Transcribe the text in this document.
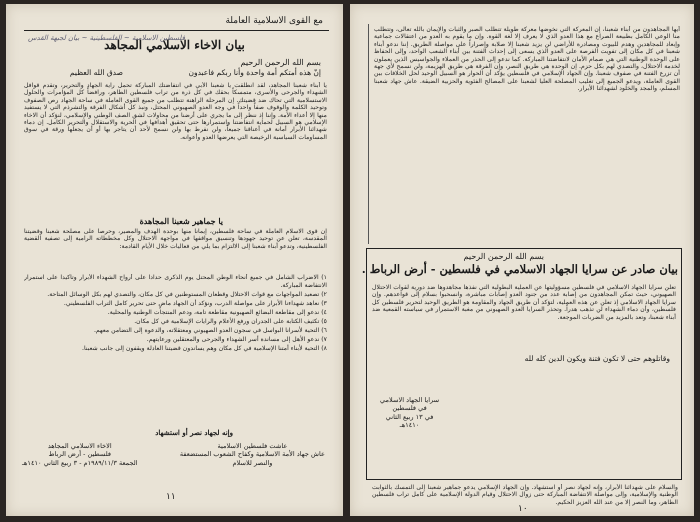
مع القوى الاسلامية العاملة
فلسطين الاسلامية ~ الفلسطينية ~ بيان لجبهة القدس
بيان الاخاء الاسلامي المجاهد
بسم الله الرحمن الرحيم
إنّ هذه أمتكم أمة واحدة وأنا ربكم فاعبدون
صدق الله العظيم
يا أبناء شعبنا المجاهد، لقد انطلقت يا شعبنا الأبي في انتفاضتك المباركة تحمل راية الجهاد والتحرير، وتقدم قوافل الشهداء والجرحى والأسرى، متمسكاً بحقك في كل ذرة من تراب فلسطين الطاهر، ورافضاً كل المؤامرات والحلول الاستسلامية التي تحاك ضد قضيتك. إن المرحلة الراهنة تتطلب من جميع القوى العاملة في ساحة الجهاد رص الصفوف وتوحيد الكلمة والوقوف صفاً واحداً في وجه العدو الصهيوني المحتل، ونبذ كل أشكال الفرقة والتشرذم التي لا يستفيد منها إلا أعداء الأمة. وإننا إذ ننظر إلى ما يجري على أرضنا من محاولات لشق الصف الوطني والإسلامي، لنؤكد أن الاخاء الإسلامي هو السبيل لحماية انتفاضتنا واستمرارها حتى تحقيق أهدافها في الحرية والاستقلال والتحرير الكامل. إن دماء شهدائنا الأبرار أمانة في أعناقنا جميعاً، ولن نفرط بها ولن نسمح لأحد أن يتاجر بها أو أن يجعلها ورقة في سوق المساومات السياسية الرخيصة التي يعرضها العدو وأعوانه.
يا جماهير شعبنا المجاهدة
إن قوى الاسلام العاملة في ساحة فلسطين، إيماناً منها بوحدة الهدف والمصير، وحرصاً على مصلحة شعبنا وقضيتنا المقدسة، تعلن عن توحيد جهودها وتنسيق مواقفها في مواجهة الاحتلال وكل مخططاته الرامية إلى تصفية القضية الفلسطينية، وتدعو أبناء شعبنا إلى الالتزام بما يلي من فعاليات خلال الأيام القادمة:
١) الاضراب الشامل في جميع أنحاء الوطن المحتل يوم الذكرى حداداً على أرواح الشهداء الأبرار وتأكيداً على استمرار الانتفاضة المباركة.
٢) تصعيد المواجهات مع قوات الاحتلال وقطعان المستوطنين في كل مكان، والتصدي لهم بكل الوسائل المتاحة.
٣) نعاهد شهداءنا الأبرار على مواصلة الدرب، ونؤكد أن الجهاد ماضٍ حتى تحرير كامل التراب الفلسطيني.
٤) ندعو إلى مقاطعة البضائع الصهيونية مقاطعة تامة، ودعم المنتجات الوطنية والمحلية.
٥) تكثيف الكتابة على الجدران ورفع الأعلام والرايات الإسلامية في كل مكان.
٦) التحية لأسرانا البواسل في سجون العدو الصهيوني ومعتقلاته، والدعوة إلى التضامن معهم.
٧) ندعو الأهل إلى مساندة أسر الشهداء والجرحى والمعتقلين ورعايتهم.
٨) التحية لأبناء أمتنا الإسلامية في كل مكان وهم يساندون قضيتنا العادلة ويقفون إلى جانب شعبنا.
وإنه لجهاد نصر أو استشهاد
عاشت فلسطين الاسلامية
عاش جهاد الأمة الاسلامية وكفاح الشعوب المستضعفة
والنصر للاسلام
الاخاء الاسلامي المجاهد
فلسطين - أرض الرباط
الجمعة ١٩٨٩/١١/٣م - ٣ ربيع الثاني ١٤١٠هـ
١١
أيها المجاهدون من أبناء شعبنا، إن المعركة التي نخوضها معركة طويلة تتطلب الصبر والثبات والإيمان بالله تعالى، وتتطلب منا الوعي الكامل بطبيعة الصراع مع هذا العدو الذي لا يعرف إلا لغة القوة. وإن ما يقوم به العدو من اعتقالات جماعية وإبعاد للمجاهدين وهدم للبيوت ومصادرة للأراضي لن يزيد شعبنا إلا صلابة وإصراراً على مواصلة الطريق. إننا ندعو أبناء شعبنا في كل مكان إلى تفويت الفرصة على العدو الذي يسعى إلى إحداث الفتنة بين أبناء الشعب الواحد، وإلى الحفاظ على الوحدة الوطنية التي هي صمام الأمان لانتفاضتنا المباركة. كما ندعو إلى الحذر من العملاء والجواسيس الذين يعملون لخدمة الاحتلال، والتصدي لهم بكل حزم. إن الوحدة هي طريق النصر، وإن الفرقة هي طريق الهزيمة، ولن نسمح لأي جهة أن تزرع الفتنة في صفوف شعبنا. وإن الجهاد الإسلامي في فلسطين يؤكد أن الحوار هو السبيل الوحيد لحل الخلافات بين القوى العاملة، ويدعو الجميع إلى تغليب المصلحة العليا لشعبنا على المصالح الفئوية والحزبية الضيقة. عاش جهاد شعبنا المسلم، والمجد والخلود لشهدائنا الأبرار.
بسم الله الرحمن الرحيم
بيان صادر عن سرايا الجهاد الاسلامي في فلسطين - أرض الرباط .
تعلن سرايا الجهاد الاسلامي في فلسطين مسؤوليتها عن العملية البطولية التي نفذها مجاهدوها ضد دورية لقوات الاحتلال الصهيوني، حيث تمكن المجاهدون من إصابة عدد من جنود العدو إصابات مباشرة، وانسحبوا بسلام إلى قواعدهم. وإن سرايا الجهاد الاسلامي إذ تعلن عن هذه العملية، لتؤكد أن طريق الجهاد والمقاومة هو الطريق الوحيد لتحرير فلسطين كل فلسطين، وأن دماء الشهداء لن تذهب هدراً. وتحذر السرايا العدو الصهيوني من مغبة الاستمرار في سياسته القمعية ضد أبناء شعبنا، وتعد بالمزيد من الضربات الموجعة.
وقاتلوهم حتى لا تكون فتنة ويكون الدين كله لله
سرايا الجهاد الاسلامي
في فلسطين
في ١٣ ربيع الثاني
١٤١٠هـ
والسلام على شهدائنا الأبرار، وإنه لجهاد نصر أو استشهاد. وإن الجهاد الإسلامي يدعو جماهير شعبنا إلى التمسك بالثوابت الوطنية والإسلامية، وإلى مواصلة الانتفاضة المباركة حتى زوال الاحتلال وقيام الدولة الإسلامية على كامل تراب فلسطين الطاهر، وما النصر إلا من عند الله العزيز الحكيم.
١٠
